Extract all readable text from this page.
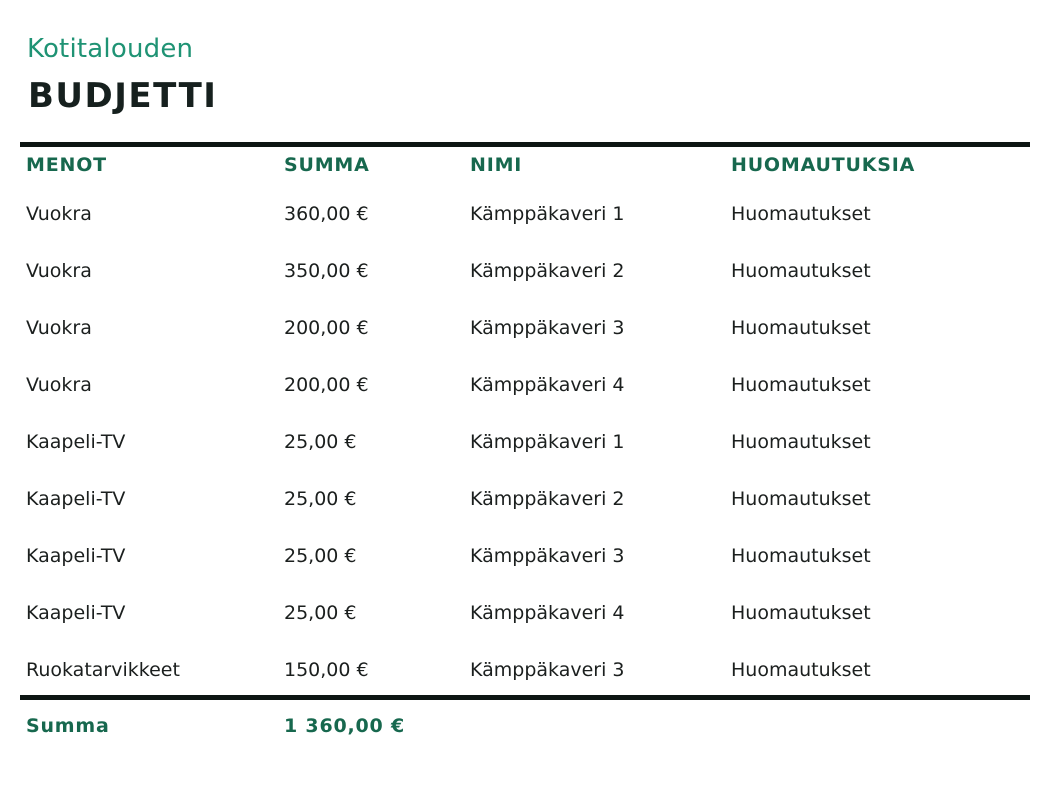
Kotitalouden
BUDJETTI
MENOT	SUMMA	NIMI	HUOMAUTUKSIA
Vuokra	360,00 €	Kämppäkaveri 1	Huomautukset
Vuokra	350,00 €	Kämppäkaveri 2	Huomautukset
Vuokra	200,00 €	Kämppäkaveri 3	Huomautukset
Vuokra	200,00 €	Kämppäkaveri 4	Huomautukset
Kaapeli-TV	25,00 €	Kämppäkaveri 1	Huomautukset
Kaapeli-TV	25,00 €	Kämppäkaveri 2	Huomautukset
Kaapeli-TV	25,00 €	Kämppäkaveri 3	Huomautukset
Kaapeli-TV	25,00 €	Kämppäkaveri 4	Huomautukset
Ruokatarvikkeet	150,00 €	Kämppäkaveri 3	Huomautukset
Summa	1 360,00 €
